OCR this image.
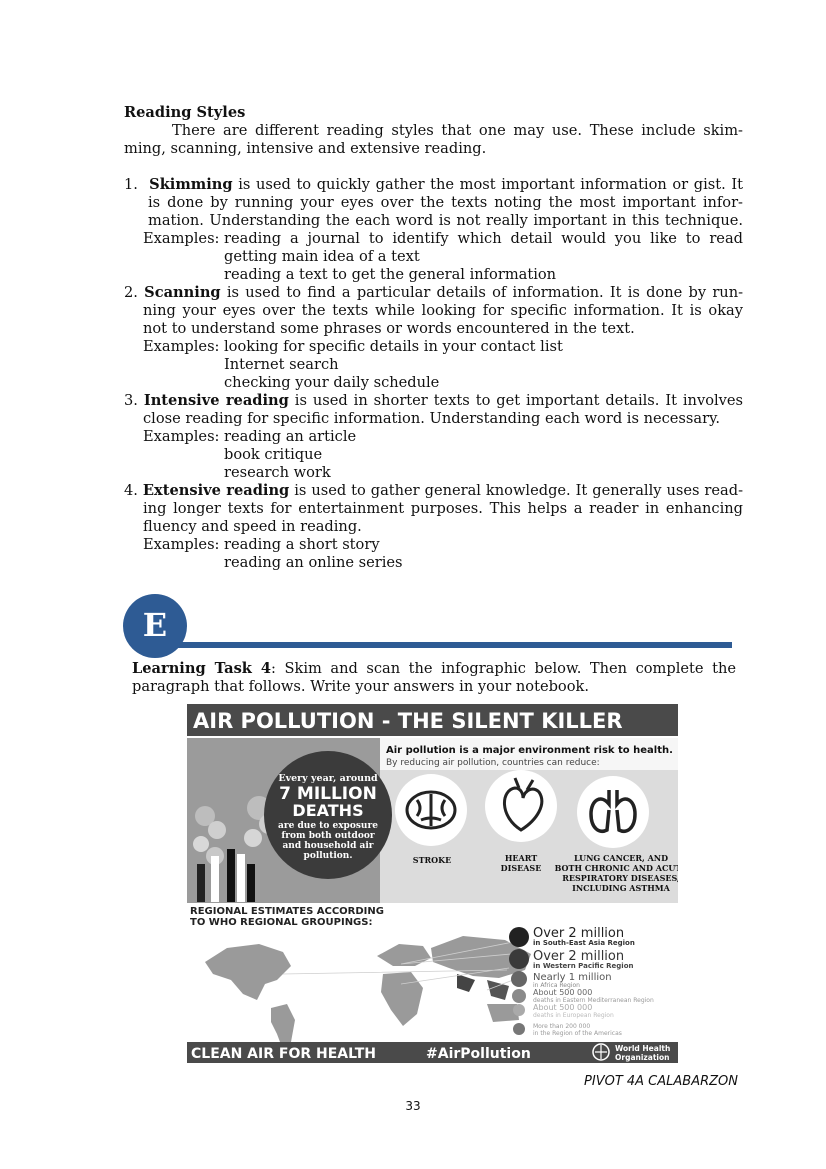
Reading Styles
There are different reading styles that one may use. These include skim-
ming, scanning, intensive and extensive reading.
1. Skimming is used to quickly gather the most important information or gist. It
is done by running your eyes over the texts noting the most important infor-
mation. Understanding the each word is not really important in this technique.
Examples: reading a journal to identify which detail would you like to read
getting main idea of a text
reading a text to get the general information
2. Scanning is used to find a particular details of information. It is done by run-
ning your eyes over the texts while looking for specific information. It is okay
not to understand some phrases or words encountered in the text.
Examples: looking for specific details in your contact list
Internet search
checking your daily schedule
3. Intensive reading is used in shorter texts to get important details. It involves
close reading for specific information. Understanding each word is necessary.
Examples: reading an article
book critique
research work
4. Extensive reading is used to gather general knowledge. It generally uses read-
ing longer texts for entertainment purposes. This helps a reader in enhancing
fluency and speed in reading.
Examples: reading a short story
reading an online series
E
Learning Task 4: Skim and scan the infographic below. Then complete the
paragraph that follows. Write your answers in your notebook.
AIR POLLUTION - THE SILENT KILLER
Every year, around
7 MILLION
DEATHS
are due to exposure
from both outdoor
and household air
pollution.
Air pollution is a major environment risk to health.
By reducing air pollution, countries can reduce:
STROKE	HEART
DISEASE
LUNG CANCER, AND
BOTH CHRONIC AND ACUTE
RESPIRATORY DISEASES,
INCLUDING ASTHMA
REGIONAL ESTIMATES ACCORDING
TO WHO REGIONAL GROUPINGS:
Over 2 million
in South-East Asia Region
Over 2 million
in Western Pacific Region
Nearly 1 million
in Africa Region
About 500 000
deaths in Eastern Mediterranean Region
About 500 000
deaths in European Region
More than 200 000
in the Region of the Americas
CLEAN AIR FOR HEALTH	#AirPollution	World Health
Organization
PIVOT 4A CALABARZON
33
